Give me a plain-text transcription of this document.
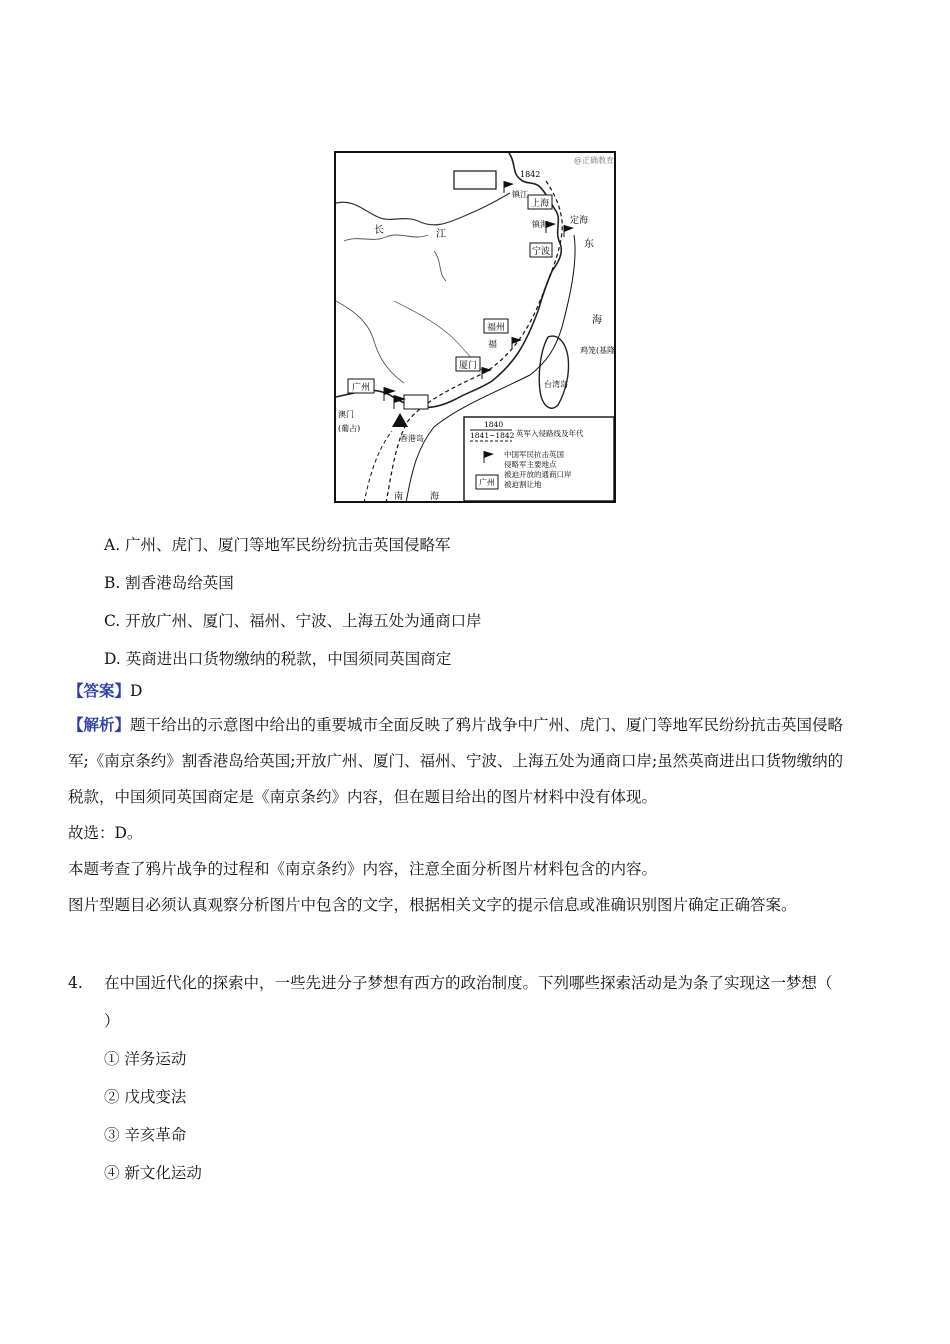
上海
宁波
福州
厦门
广州
@正确教育
长	江
1842
镇江
镇海 定海
东
海
福
鸡笼(基隆)
台湾岛
澳门
(葡占)
香港岛
南	海
1840
1841~1842 英军入侵路线及年代
中国军民抗击英国
侵略军主要地点
被迫开放的通商口岸
广州 被迫割让地
A. 广州、虎门、厦门等地军民纷纷抗击英国侵略军
B. 割香港岛给英国
C. 开放广州、厦门、福州、宁波、上海五处为通商口岸
D. 英商进出口货物缴纳的税款，中国须同英国商定
【答案】D
【解析】题干给出的示意图中给出的重要城市全面反映了鸦片战争中广州、虎门、厦门等地军民纷纷抗击英国侵略
军;《南京条约》割香港岛给英国;开放广州、厦门、福州、宁波、上海五处为通商口岸;虽然英商进出口货物缴纳的
税款，中国须同英国商定是《南京条约》内容，但在题目给出的图片材料中没有体现。
故选：D。
本题考查了鸦片战争的过程和《南京条约》内容，注意全面分析图片材料包含的内容。
图片型题目必须认真观察分析图片中包含的文字，根据相关文字的提示信息或准确识别图片确定正确答案。
4. 在中国近代化的探索中，一些先进分子梦想有西方的政治制度。下列哪些探索活动是为条了实现这一梦想（
）
① 洋务运动
② 戊戌变法
③ 辛亥革命
④ 新文化运动
